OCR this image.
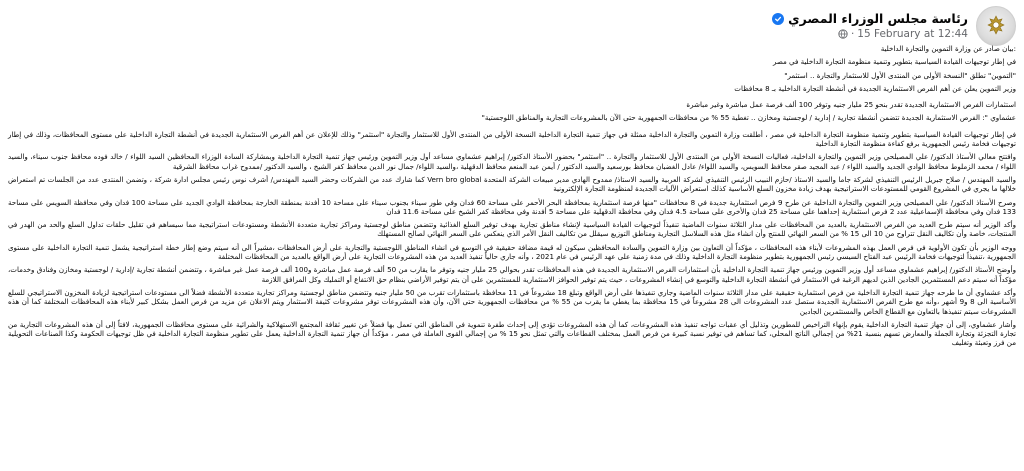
رئاسة مجلس الوزراء المصري
15 February at 12:44
·

:بيان صادر عن وزارة التموين والتجارة الداخلية

في إطار توجيهات القيادة السياسية بتطوير وتنمية منظومة التجارة الداخلية في مصر

"التموين" تطلق "النسخة الأولى من المنتدى الأول للاستثمار والتجارة .. استثمر"

وزير التموين يعلن عن أهم الفرص الاستثمارية الجديدة في أنشطة التجارة الداخلية بـ 8 محافظات

استثمارات الفرص الاستثمارية الجديدة تقدر بنحو 25 مليار جنيه وتوفر 100 ألف فرصة عمل مباشرة وغير مباشرة

عشماوي ": الفرص الاستثمارية الجديدة تتضمن أنشطة تجارية / إدارية / لوجستية ومخازن .. تغطية 55 % من محافظات الجمهورية حتى الآن بالمشروعات التجارية والمناطق اللوجستية"

في إطار توجيهات القيادة السياسية بتطوير وتنمية منظومة التجارة الداخلية في مصر ، أطلقت وزارة التموين والتجارة الداخلية ممثلة في جهاز تنمية التجارة الداخلية النسخة الأولى من المنتدى الأول للاستثمار والتجارة "استثمر" وذلك للإعلان عن أهم الفرص الاستثمارية الجديدة في أنشطة التجارة الداخلية على مستوى المحافظات، وذلك في إطار توجيهات فخامة رئيس الجمهورية برفع كفاءة منظومة التجارة الداخلية

وافتتح معالي الأستاذ الدكتور/ علي المصيلحي وزير التموين والتجارة الداخلية، فعاليات النسخة الأولى من المنتدى الأول للاستثمار والتجارة .. "استثمر" بحضور الأستاذ الدكتور/ إبراهيم عشماوي مساعد أول وزير التموين ورئيس جهاز تنمية التجارة الداخلية وبمشاركة السادة الوزراء المحافظين السيد اللواء / خالد فوده محافظ جنوب سيناء، والسيد اللواء / محمد الزملوط محافظ الوادي الجديد والسيد اللواء / عبد المجيد صقر محافظ السويس، والسيد اللواء/ عادل الغضبان محافظ بورسعيد والسيد الدكتور / أيمن عبد المنعم محافظ الدقهلية ،والسيد اللواء/ جمال نور الدين محافظ كفر الشيخ ، والسيد الدكتور /ممدوح غراب محافظ الشرقية

والسيد المهندس / صلاح جبريل الرئيس التنفيذي لشركة جاما والسيد الاستاذ /حازم النبيب الرئيس التنفيذي لشركة العربية والسيد الاستاذ/ ممدوح الهادي مدير مبيعات الشركة المتحدة Vern bro global كما شارك عدد من الشركات وحضر السيد المهندس/ أشرف نوس رئيس مجلس ادارة شركة ، وتضمن المنتدى عدد من الجلسات تم استعراض خلالها ما يجري في المشروع القومي للمستودعات الاستراتيجية بهدف زيادة مخزون السلع الأساسية كذلك استعراض الآليات الجديدة لمنظومة التجارة الإلكترونية

وصرح الأستاذ الدكتور/ علي المصيلحي وزير التموين والتجارة الداخلية عن طرح 9 فرص استثمارية جديدة في 8 محافظات "منها فرصة استثمارية بمحافظة البحر الأحمر على مساحة 60 فدان وفي طور سيناء بجنوب سيناء على مساحة 10 أفدنة بمنطقة الخارجة بمحافظة الوادي الجديد على مساحة 100 فدان وفي محافظة السويس على مساحة 133 فدان وفي محافظة الإسماعيلية عدد 2 فرص استثمارية إحداهما على مساحة 25 فدان والأخرى على مساحة 4.5 فدان وفي محافظة الدقهلية على مساحة 5 أفدنة وفي محافظة كفر الشيخ على مساحة 11.6 فدان

وأكد الوزير أنه سيتم طرح العديد من الفرص الاستثمارية بالعديد من المحافظات على مدار الثلاثة سنوات الماضية تنفيذاً لتوجيهات القيادة السياسية لإنشاء مناطق تجارية بهدف توفير السلع الغذائية وتتضمن مناطق لوجستية ومراكز تجارية متعددة الأنشطة ومستودعات استراتيجية مما سيساهم في تقليل حلقات تداول السلع والحد من الهدر في المنتجات، خاصة وأن تكاليف النقل تتراوح من 10 الى 15 % من السعر النهائي للمنتج وأن انشاء مثل هذه السلاسل التجارية ومناطق التوزيع سيقلل من تكاليف النقل الأمر الذي ينعكس على السعر النهائي لصالح المستهلك

ووجه الوزير بأن تكون الأولوية في فرص العمل بهذه المشروعات لأبناء هذه المحافظات ، مؤكداً أن التعاون بين وزارة التموين والسادة المحافظين سيكون له قيمة مضافة حقيقية في التوسع في انشاء المناطق اللوجستية والتجارية على أرض المحافظات ،مشيراً الى أنه سيتم وضع إطار خطة استراتيجية يشمل تنمية التجارة الداخلية على مستوى الجمهورية ،تنفيذاً لتوجيهات فخامة الرئيس عبد الفتاح السيسي رئيس الجمهورية بتطوير منظومة التجارة الداخلية وذلك في مدة زمنية على عهد الرئيس في عام 2021 ، وأنه جاري حالياً تنفيذ العديد من هذه المشروعات التجارية على أرض الواقع بالعديد من المحافظات المختلفة

وأوضح الأستاذ الدكتور/ إبراهيم عشماوي مساعد أول وزير التموين ورئيس جهاز تنمية التجارة الداخلية بأن استثمارات الفرص الاستثمارية الجديدة في هذه المحافظات تقدر بحوالي 25 مليار جنيه وتوفر ما يقارب من 50 ألف فرصة عمل مباشرة و100 ألف فرصة عمل غير مباشرة ، وتتضمن أنشطة تجارية /إدارية / لوجستية ومخازن وفنادق وخدمات، مؤكداً أنه سيتم دعم المستثمرين الجادين الذين لديهم الرغبة في الاستثمار في أنشطة التجارة الداخلية والتوسع في إنشاء المشروعات ، حيث يتم توفير الحوافز الاستثمارية للمستثمرين على أن يتم توفير الأراضي بنظام حق الانتفاع أو التمليك وكل المرافق اللازمة

وأكد عشماوي أن ما طرحه جهاز تنمية التجارة الداخلية من فرص استثمارية حقيقية على مدار الثلاثة سنوات الماضية وجاري تنفيذها على أرض الواقع وتبلغ 18 مشروعاً في 11 محافظة باستثمارات تقرب من 50 مليار جنيه وتتضمن مناطق لوجستية ومراكز تجارية متعددة الأنشطة فضلاً الى مستودعات استراتيجية لزيادة المخزون الاستراتيجي للسلع الأساسية الى 8 و9 أشهر ،وأنه مع طرح الفرص الاستثمارية الجديدة ستصل عدد المشروعات الى 28 مشروعاً في 15 محافظة بما يغطي ما يقرب من 55 % من محافظات الجمهورية حتى الآن، وأن هذه المشروعات توفر مشروعات كثيفة الاستثمار ويتم الاعلان عن مزيد من فرص العمل بشكل كبير لأبناء هذه المحافظات المختلفة كما أن هذه المشروعات سيتم تنفيذها بالتعاون مع القطاع الخاص والمستثمرين الجادين

وأشار عشماوي، إلى أن جهاز تنمية التجارة الداخلية يقوم بإنهاء التراخيص للمطورين وتذليل أي عقبات تواجه تنفيذ هذه المشروعات، كما أن هذه المشروعات تؤدي إلى إحداث طفرة تنموية في المناطق التي تعمل بها فضلاً عن تغيير ثقافة المجتمع الاستهلاكية والشرائية على مستوى محافظات الجمهورية، لافتاً إلى أن هذه المشروعات التجارية من تجارة التجزئة وتجارة الجملة والمعارض تسهم بنسبة 21% من إجمالي الناتج المحلي، كما تساهم في توفير نسبة كبيرة من فرص العمل بمختلف القطاعات والتي تمثل نحو 15 % من إجمالي القوى العاملة في مصر ، مؤكداً أن جهاز تنمية التجارة الداخلية يعمل على تطوير منظومة التجارة الداخلية في ظل توجيهات الحكومة وكذا الصناعات التحويلية من فرز وتعبئة وتغليف
